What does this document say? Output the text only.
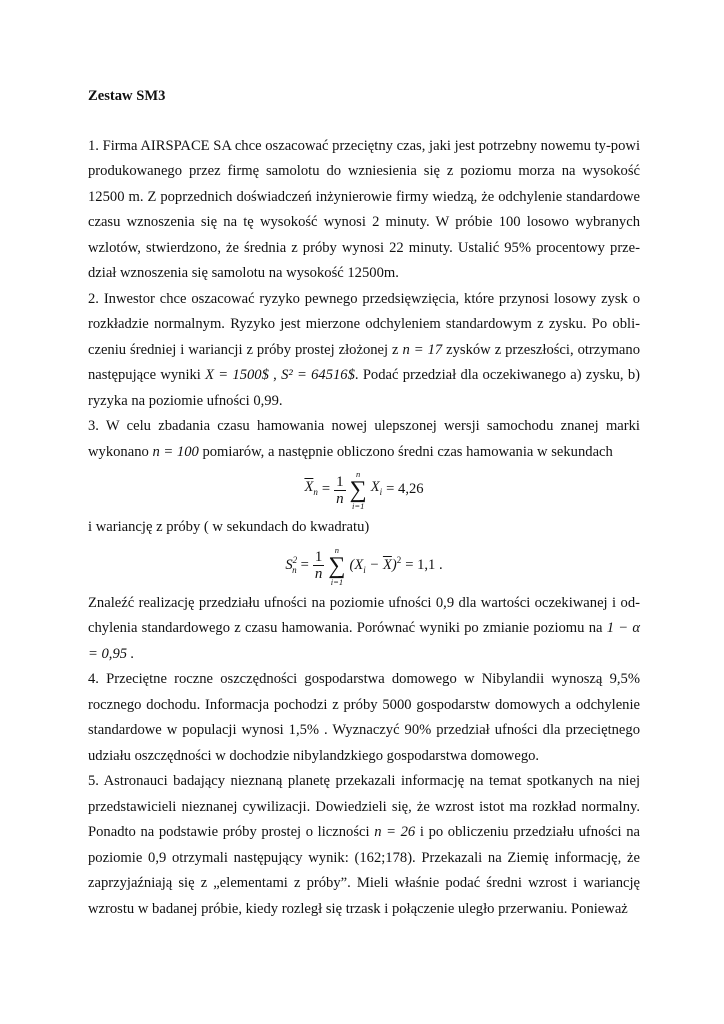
Zestaw SM3

1. Firma AIRSPACE SA chce oszacować przeciętny czas, jaki jest potrzebny nowemu ty-powi produkowanego przez firmę samolotu do wzniesienia się z poziomu morza na wysokość 12500 m. Z poprzednich doświadczeń inżynierowie firmy wiedzą, że odchylenie standardowe czasu wznoszenia się na tę wysokość wynosi 2 minuty. W próbie 100 losowo wybranych wzlotów, stwierdzono, że średnia z próby wynosi 22 minuty. Ustalić 95% procentowy prze-dział wznoszenia się samolotu na wysokość 12500m.

2. Inwestor chce oszacować ryzyko pewnego przedsięwzięcia, które przynosi losowy zysk o rozkładzie normalnym. Ryzyko jest mierzone odchyleniem standardowym z zysku. Po obli-czeniu średniej i wariancji z próby prostej złożonej z n = 17 zysków z przeszłości, otrzymano następujące wyniki X = 1500$ , S² = 64516$. Podać przedział dla oczekiwanego a) zysku, b) ryzyka na poziomie ufności 0,99.

3. W celu zbadania czasu hamowania nowej ulepszonej wersji samochodu znanej marki wykonano n = 100 pomiarów, a następnie obliczono średni czas hamowania w sekundach

$\overline{X}_n = \frac{1}{n}$ n
∑
i=1
$X_i = 4,26$

i wariancję z próby ( w sekundach do kwadratu)

$S^2_n = \frac{1}{n}$ n
∑
i=1
$(X_i - \overline{X})^2 = 1,1$ .

Znaleźć realizację przedziału ufności na poziomie ufności 0,9 dla wartości oczekiwanej i od-chylenia standardowego z czasu hamowania. Porównać wyniki po zmianie poziomu na 1 − α = 0,95 .

4. Przeciętne roczne oszczędności gospodarstwa domowego w Nibylandii wynoszą 9,5% rocznego dochodu. Informacja pochodzi z próby 5000 gospodarstw domowych a odchylenie standardowe w populacji wynosi 1,5% . Wyznaczyć 90% przedział ufności dla przeciętnego udziału oszczędności w dochodzie nibylandzkiego gospodarstwa domowego.

5. Astronauci badający nieznaną planetę przekazali informację na temat spotkanych na niej przedstawicieli nieznanej cywilizacji. Dowiedzieli się, że wzrost istot ma rozkład normalny. Ponadto na podstawie próby prostej o liczności n = 26 i po obliczeniu przedziału ufności na poziomie 0,9 otrzymali następujący wynik: (162;178). Przekazali na Ziemię informację, że zaprzyjaźniają się z „elementami z próby”. Mieli właśnie podać średni wzrost i wariancję wzrostu w badanej próbie, kiedy rozległ się trzask i połączenie uległo przerwaniu. Ponieważ
